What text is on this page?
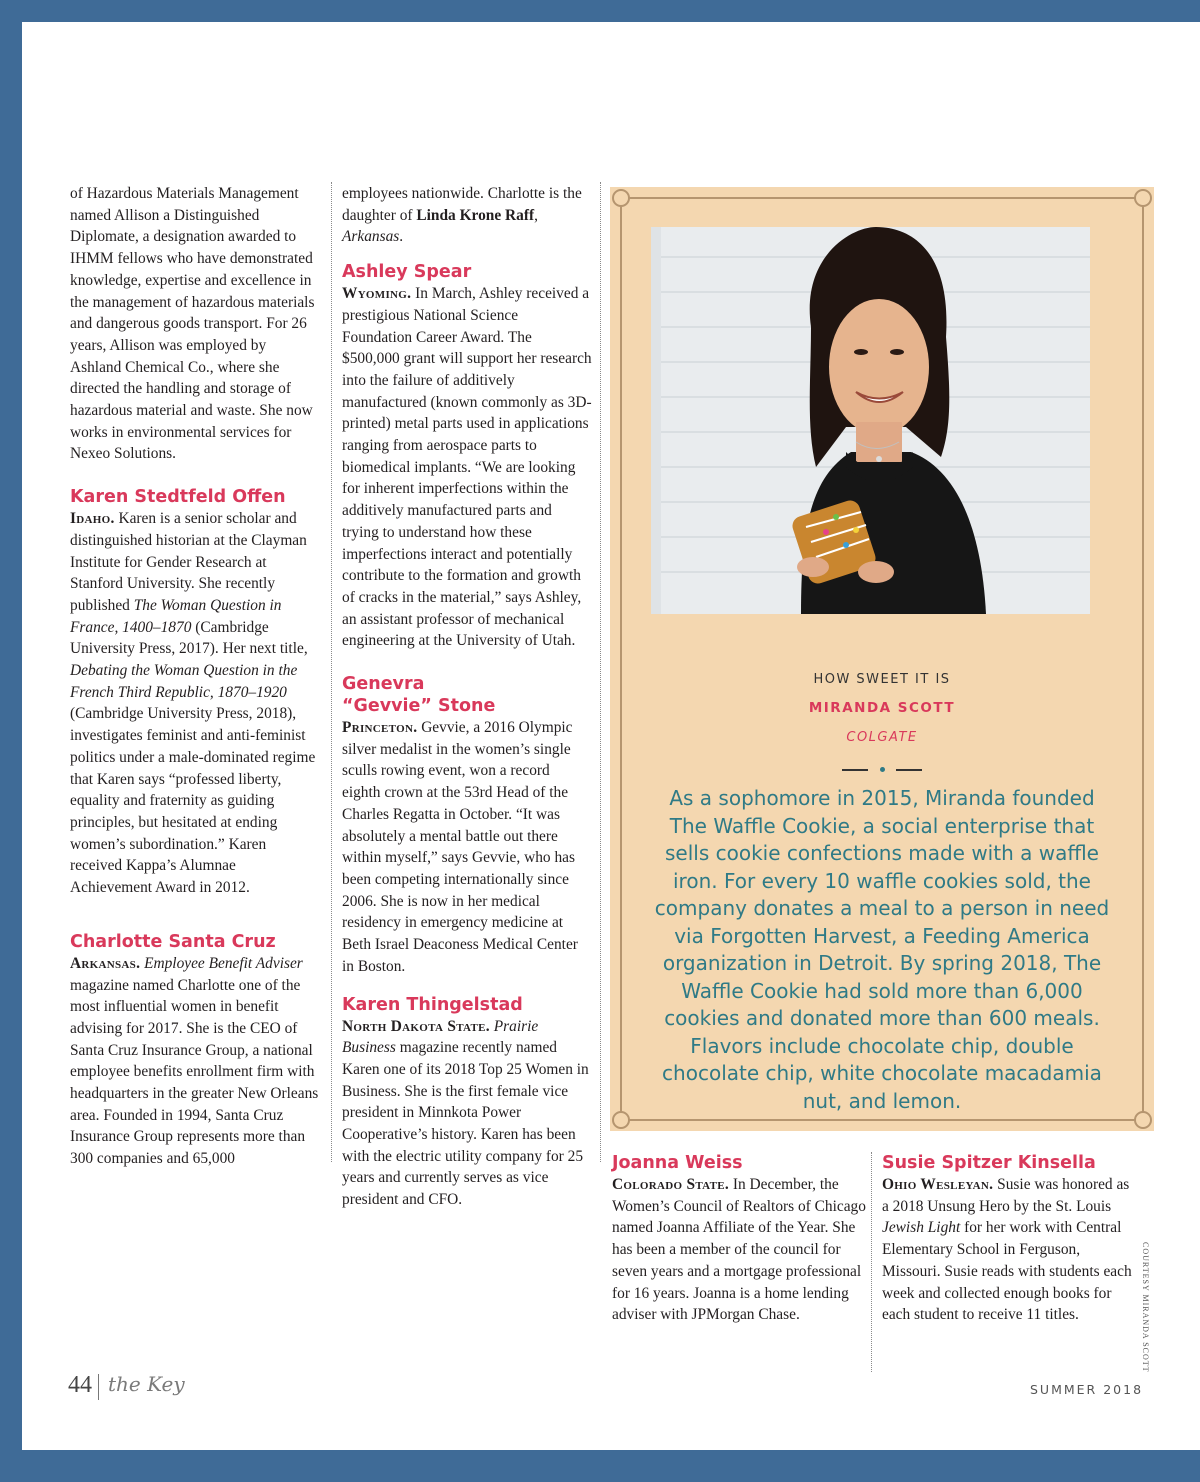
of Hazardous Materials Management named Allison a Distinguished Diplomate, a designation awarded to IHMM fellows who have demonstrated knowledge, expertise and excellence in the management of hazardous materials and dangerous goods transport. For 26 years, Allison was employed by Ashland Chemical Co., where she directed the handling and storage of hazardous material and waste. She now works in environmental services for Nexeo Solutions.

Karen Stedtfeld Offen

Idaho. Karen is a senior scholar and distinguished historian at the Clayman Institute for Gender Research at Stanford University. She recently published The Woman Question in France, 1400–1870 (Cambridge University Press, 2017). Her next title, Debating the Woman Question in the French Third Republic, 1870–1920 (Cambridge University Press, 2018), investigates feminist and anti-feminist politics under a male-dominated regime that Karen says “professed liberty, equality and fraternity as guiding principles, but hesitated at ending women’s subordination.” Karen received Kappa’s Alumnae Achievement Award in 2012.

Charlotte Santa Cruz

Arkansas. Employee Benefit Adviser magazine named Charlotte one of the most influential women in benefit advising for 2017. She is the CEO of Santa Cruz Insurance Group, a national employee benefits enrollment firm with headquarters in the greater New Orleans area. Founded in 1994, Santa Cruz Insurance Group represents more than 300 companies and 65,000

employees nationwide. Charlotte is the daughter of Linda Krone Raff, Arkansas.

Ashley Spear

Wyoming. In March, Ashley received a prestigious National Science Foundation Career Award. The $500,000 grant will support her research into the failure of additively manufactured (known commonly as 3D-printed) metal parts used in applications ranging from aerospace parts to biomedical implants. “We are looking for inherent imperfections within the additively manufactured parts and trying to understand how these imperfections interact and potentially contribute to the formation and growth of cracks in the material,” says Ashley, an assistant professor of mechanical engineering at the University of Utah.

Genevra
“Gevvie” Stone

Princeton. Gevvie, a 2016 Olympic silver medalist in the women’s single sculls rowing event, won a record eighth crown at the 53rd Head of the Charles Regatta in October. “It was absolutely a mental battle out there within myself,” says Gevvie, who has been competing internationally since 2006. She is now in her medical residency in emergency medicine at Beth Israel Deaconess Medical Center in Boston.

Karen Thingelstad

North Dakota State. Prairie Business magazine recently named Karen one of its 2018 Top 25 Women in Business. She is the first female vice president in Minnkota Power Cooperative’s history. Karen has been with the electric utility company for 25 years and currently serves as vice president and CFO.

HOW SWEET IT IS
MIRANDA SCOTT
COLGATE

As a sophomore in 2015, Miranda founded The Waffle Cookie, a social enterprise that sells cookie confections made with a waffle iron. For every 10 waffle cookies sold, the company donates a meal to a person in need via Forgotten Harvest, a Feeding America organization in Detroit. By spring 2018, The Waffle Cookie had sold more than 6,000 cookies and donated more than 600 meals. Flavors include chocolate chip, double chocolate chip, white chocolate macadamia nut, and lemon.
Joanna Weiss

Colorado State. In December, the Women’s Council of Realtors of Chicago named Joanna Affiliate of the Year. She has been a member of the council for seven years and a mortgage professional for 16 years. Joanna is a home lending adviser with JPMorgan Chase.

Susie Spitzer Kinsella

Ohio Wesleyan. Susie was honored as a 2018 Unsung Hero by the St. Louis Jewish Light for her work with Central Elementary School in Ferguson, Missouri. Susie reads with students each week and collected enough books for each student to receive 11 titles.	COURTESY MIRANDA SCOTT
44 the Key	SUMMER 2018
